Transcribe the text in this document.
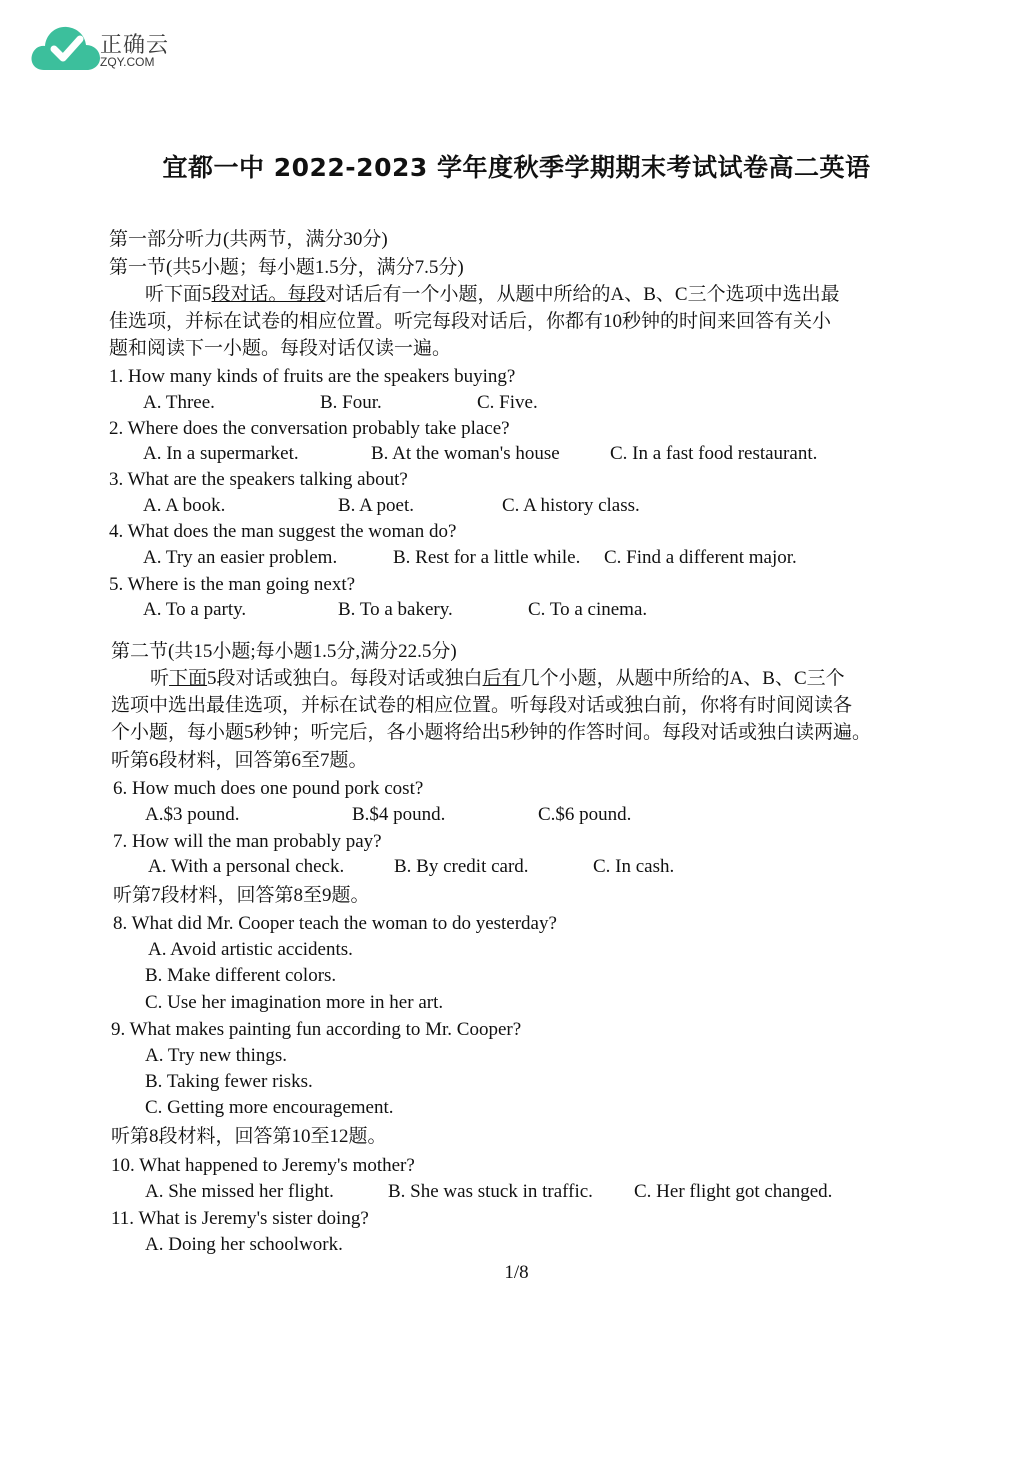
正确云
ZQY.COM
宜都一中 2022-2023 学年度秋季学期期末考试试卷高二英语
第一部分听力(共两节，满分30分)
第一节(共5小题；每小题1.5分，满分7.5分)
听下面5段对话。每段对话后有一个小题，从题中所给的A、B、C三个选项中选出最
佳选项，并标在试卷的相应位置。听完每段对话后，你都有10秒钟的时间来回答有关小
题和阅读下一小题。每段对话仅读一遍。
1. How many kinds of fruits are the speakers buying?
A. Three.	B. Four.	C. Five.
2. Where does the conversation probably take place?
A. In a supermarket.	B. At the woman's house	C. In a fast food restaurant.
3. What are the speakers talking about?
A. A book.	B. A poet.	C. A history class.
4. What does the man suggest the woman do?
A. Try an easier problem.	B. Rest for a little while. C. Find a different major.
5. Where is the man going next?
A. To a party.	B. To a bakery.	C. To a cinema.
第二节(共15小题;每小题1.5分,满分22.5分)
听下面5段对话或独白。每段对话或独白后有几个小题，从题中所给的A、B、C三个
选项中选出最佳选项，并标在试卷的相应位置。听每段对话或独白前，你将有时间阅读各
个小题，每小题5秒钟；听完后，各小题将给出5秒钟的作答时间。每段对话或独白读两遍。
听第6段材料，回答第6至7题。
6. How much does one pound pork cost?
A.$3 pound.	B.$4 pound.	C.$6 pound.
7. How will the man probably pay?
A. With a personal check.	B. By credit card.	C. In cash.
听第7段材料，回答第8至9题。
8. What did Mr. Cooper teach the woman to do yesterday?
A. Avoid artistic accidents.
B. Make different colors.
C. Use her imagination more in her art.
9. What makes painting fun according to Mr. Cooper?
A. Try new things.
B. Taking fewer risks.
C. Getting more encouragement.
听第8段材料，回答第10至12题。
10. What happened to Jeremy's mother?
A. She missed her flight.	B. She was stuck in traffic. C. Her flight got changed.
11. What is Jeremy's sister doing?
A. Doing her schoolwork.
1/8
